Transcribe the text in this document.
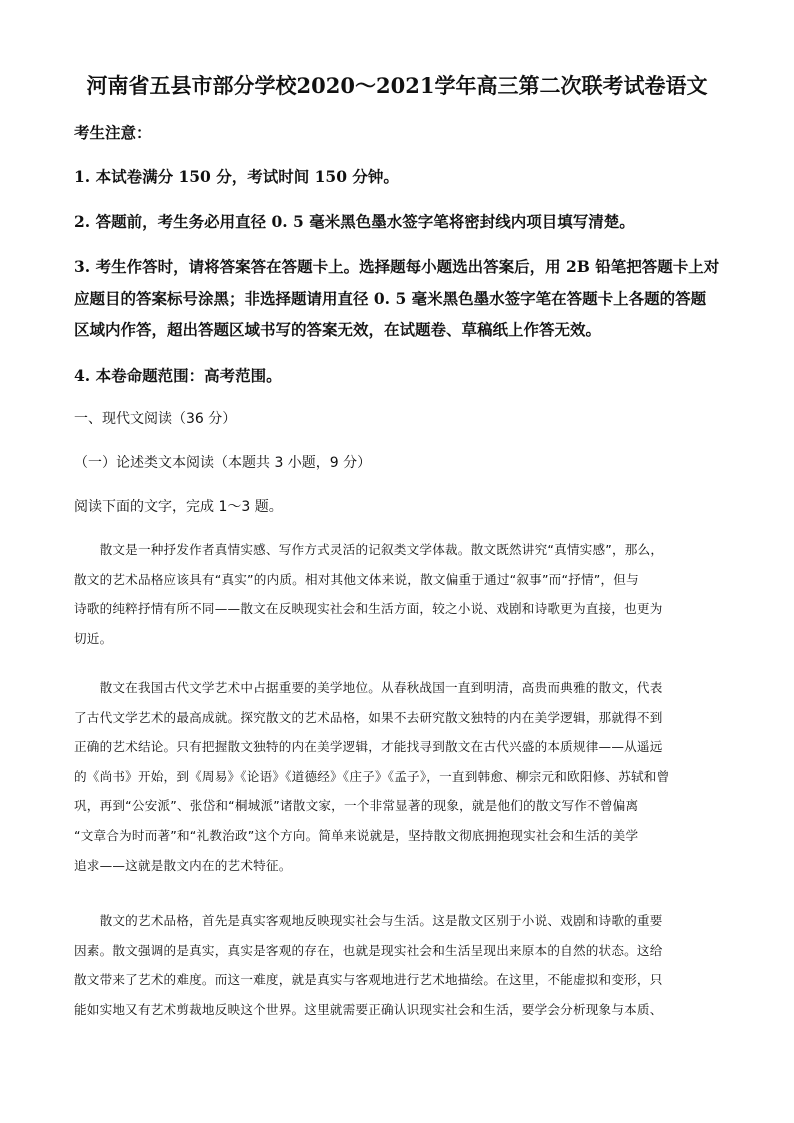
河南省五县市部分学校2020～2021学年高三第二次联考试卷语文
考生注意：
1. 本试卷满分 150 分，考试时间 150 分钟。
2. 答题前，考生务必用直径 0. 5 毫米黑色墨水签字笔将密封线内项目填写清楚。
3. 考生作答时，请将答案答在答题卡上。选择题每小题选出答案后，用 2B 铅笔把答题卡上对
应题目的答案标号涂黑；非选择题请用直径 0. 5 毫米黑色墨水签字笔在答题卡上各题的答题
区域内作答，超出答题区域书写的答案无效，在试题卷、草稿纸上作答无效。
4. 本卷命题范围：高考范围。
一、现代文阅读（36 分）
（一）论述类文本阅读（本题共 3 小题，9 分）
阅读下面的文字，完成 1～3 题。
　　散文是一种抒发作者真情实感、写作方式灵活的记叙类文学体裁。散文既然讲究“真情实感”，那么，
散文的艺术品格应该具有“真实”的内质。相对其他文体来说，散文偏重于通过“叙事”而“抒情”，但与
诗歌的纯粹抒情有所不同——散文在反映现实社会和生活方面，较之小说、戏剧和诗歌更为直接，也更为
切近。
　　散文在我国古代文学艺术中占据重要的美学地位。从春秋战国一直到明清，高贵而典雅的散文，代表
了古代文学艺术的最高成就。探究散文的艺术品格，如果不去研究散文独特的内在美学逻辑，那就得不到
正确的艺术结论。只有把握散文独特的内在美学逻辑，才能找寻到散文在古代兴盛的本质规律——从遥远
的《尚书》开始，到《周易》《论语》《道德经》《庄子》《孟子》，一直到韩愈、柳宗元和欧阳修、苏轼和曾
巩，再到“公安派”、张岱和“桐城派”诸散文家，一个非常显著的现象，就是他们的散文写作不曾偏离
“文章合为时而著”和“礼教治政”这个方向。简单来说就是，坚持散文彻底拥抱现实社会和生活的美学
追求——这就是散文内在的艺术特征。
　　散文的艺术品格，首先是真实客观地反映现实社会与生活。这是散文区别于小说、戏剧和诗歌的重要
因素。散文强调的是真实，真实是客观的存在，也就是现实社会和生活呈现出来原本的自然的状态。这给
散文带来了艺术的难度。而这一难度，就是真实与客观地进行艺术地描绘。在这里，不能虚拟和变形，只
能如实地又有艺术剪裁地反映这个世界。这里就需要正确认识现实社会和生活，要学会分析现象与本质、
